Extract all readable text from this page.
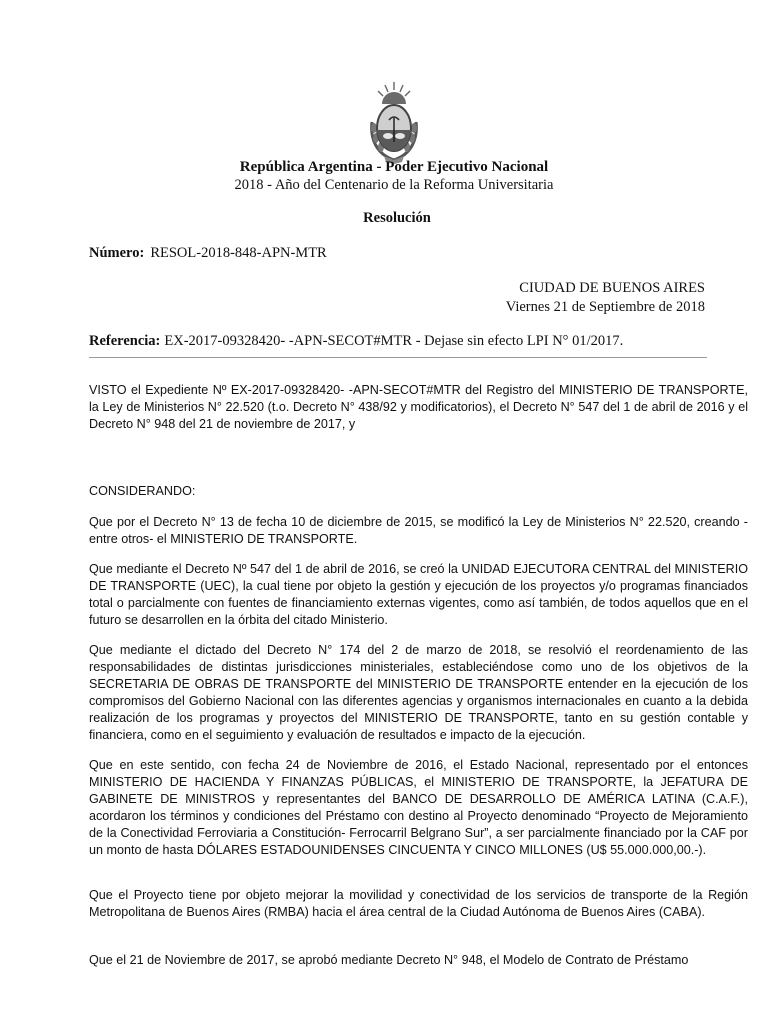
República Argentina - Poder Ejecutivo Nacional
2018 - Año del Centenario de la Reforma Universitaria
Resolución
Número: RESOL-2018-848-APN-MTR
CIUDAD DE BUENOS AIRES
Viernes 21 de Septiembre de 2018
Referencia: EX-2017-09328420- -APN-SECOT#MTR - Dejase sin efecto LPI N° 01/2017.

VISTO el Expediente Nº EX-2017-09328420- -APN-SECOT#MTR del Registro del MINISTERIO DE TRANSPORTE, la Ley de Ministerios N° 22.520 (t.o. Decreto N° 438/92 y modificatorios), el Decreto N° 547 del 1 de abril de 2016 y el Decreto N° 948 del 21 de noviembre de 2017, y

CONSIDERANDO:

Que por el Decreto N° 13 de fecha 10 de diciembre de 2015, se modificó la Ley de Ministerios N° 22.520, creando -entre otros- el MINISTERIO DE TRANSPORTE.

Que mediante el Decreto Nº 547 del 1 de abril de 2016, se creó la UNIDAD EJECUTORA CENTRAL del MINISTERIO DE TRANSPORTE (UEC), la cual tiene por objeto la gestión y ejecución de los proyectos y/o programas financiados total o parcialmente con fuentes de financiamiento externas vigentes, como así también, de todos aquellos que en el futuro se desarrollen en la órbita del citado Ministerio.

Que mediante el dictado del Decreto N° 174 del 2 de marzo de 2018, se resolvió el reordenamiento de las responsabilidades de distintas jurisdicciones ministeriales, estableciéndose como uno de los objetivos de la SECRETARIA DE OBRAS DE TRANSPORTE del MINISTERIO DE TRANSPORTE entender en la ejecución de los compromisos del Gobierno Nacional con las diferentes agencias y organismos internacionales en cuanto a la debida realización de los programas y proyectos del MINISTERIO DE TRANSPORTE, tanto en su gestión contable y financiera, como en el seguimiento y evaluación de resultados e impacto de la ejecución.

Que en este sentido, con fecha 24 de Noviembre de 2016, el Estado Nacional, representado por el entonces MINISTERIO DE HACIENDA Y FINANZAS PÚBLICAS, el MINISTERIO DE TRANSPORTE, la JEFATURA DE GABINETE DE MINISTROS y representantes del BANCO DE DESARROLLO DE AMÉRICA LATINA (C.A.F.), acordaron los términos y condiciones del Préstamo con destino al Proyecto denominado “Proyecto de Mejoramiento de la Conectividad Ferroviaria a Constitución- Ferrocarril Belgrano Sur”, a ser parcialmente financiado por la CAF por un monto de hasta DÓLARES ESTADOUNIDENSES CINCUENTA Y CINCO MILLONES (U$ 55.000.000,00.-).

Que el Proyecto tiene por objeto mejorar la movilidad y conectividad de los servicios de transporte de la Región Metropolitana de Buenos Aires (RMBA) hacia el área central de la Ciudad Autónoma de Buenos Aires (CABA).

Que el 21 de Noviembre de 2017, se aprobó mediante Decreto N° 948, el Modelo de Contrato de Préstamo
